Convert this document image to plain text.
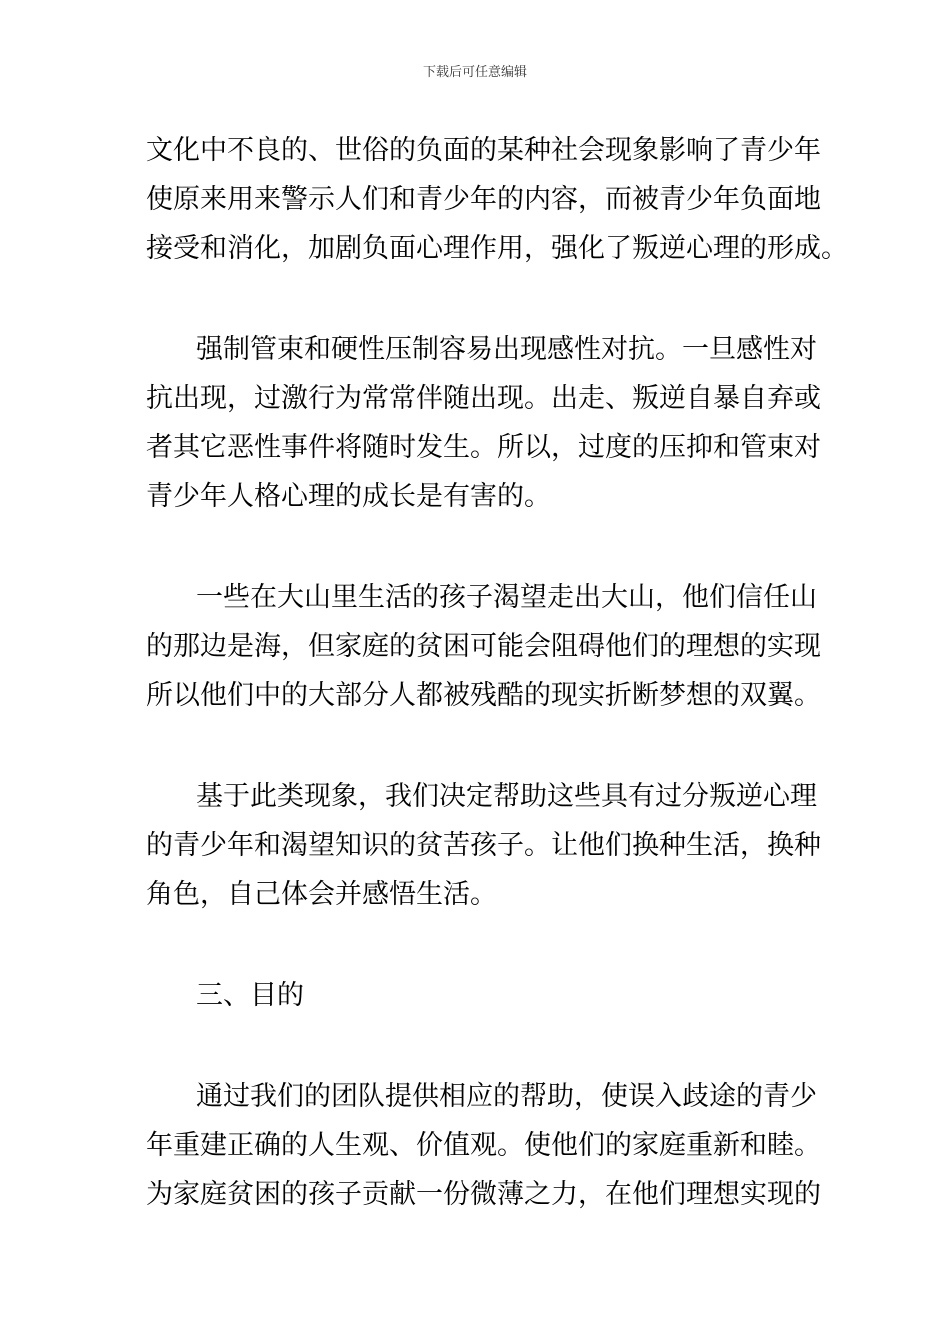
下载后可任意编辑
文化中不良的、世俗的负面的某种社会现象影响了青少年
使原来用来警示人们和青少年的内容，而被青少年负面地
接受和消化，加剧负面心理作用，强化了叛逆心理的形成。
强制管束和硬性压制容易出现感性对抗。一旦感性对
抗出现，过激行为常常伴随出现。出走、叛逆自暴自弃或
者其它恶性事件将随时发生。所以，过度的压抑和管束对
青少年人格心理的成长是有害的。
一些在大山里生活的孩子渴望走出大山，他们信任山
的那边是海，但家庭的贫困可能会阻碍他们的理想的实现
所以他们中的大部分人都被残酷的现实折断梦想的双翼。
基于此类现象，我们决定帮助这些具有过分叛逆心理
的青少年和渴望知识的贫苦孩子。让他们换种生活，换种
角色，自己体会并感悟生活。
三、目的
通过我们的团队提供相应的帮助，使误入歧途的青少
年重建正确的人生观、价值观。使他们的家庭重新和睦。
为家庭贫困的孩子贡献一份微薄之力，在他们理想实现的
